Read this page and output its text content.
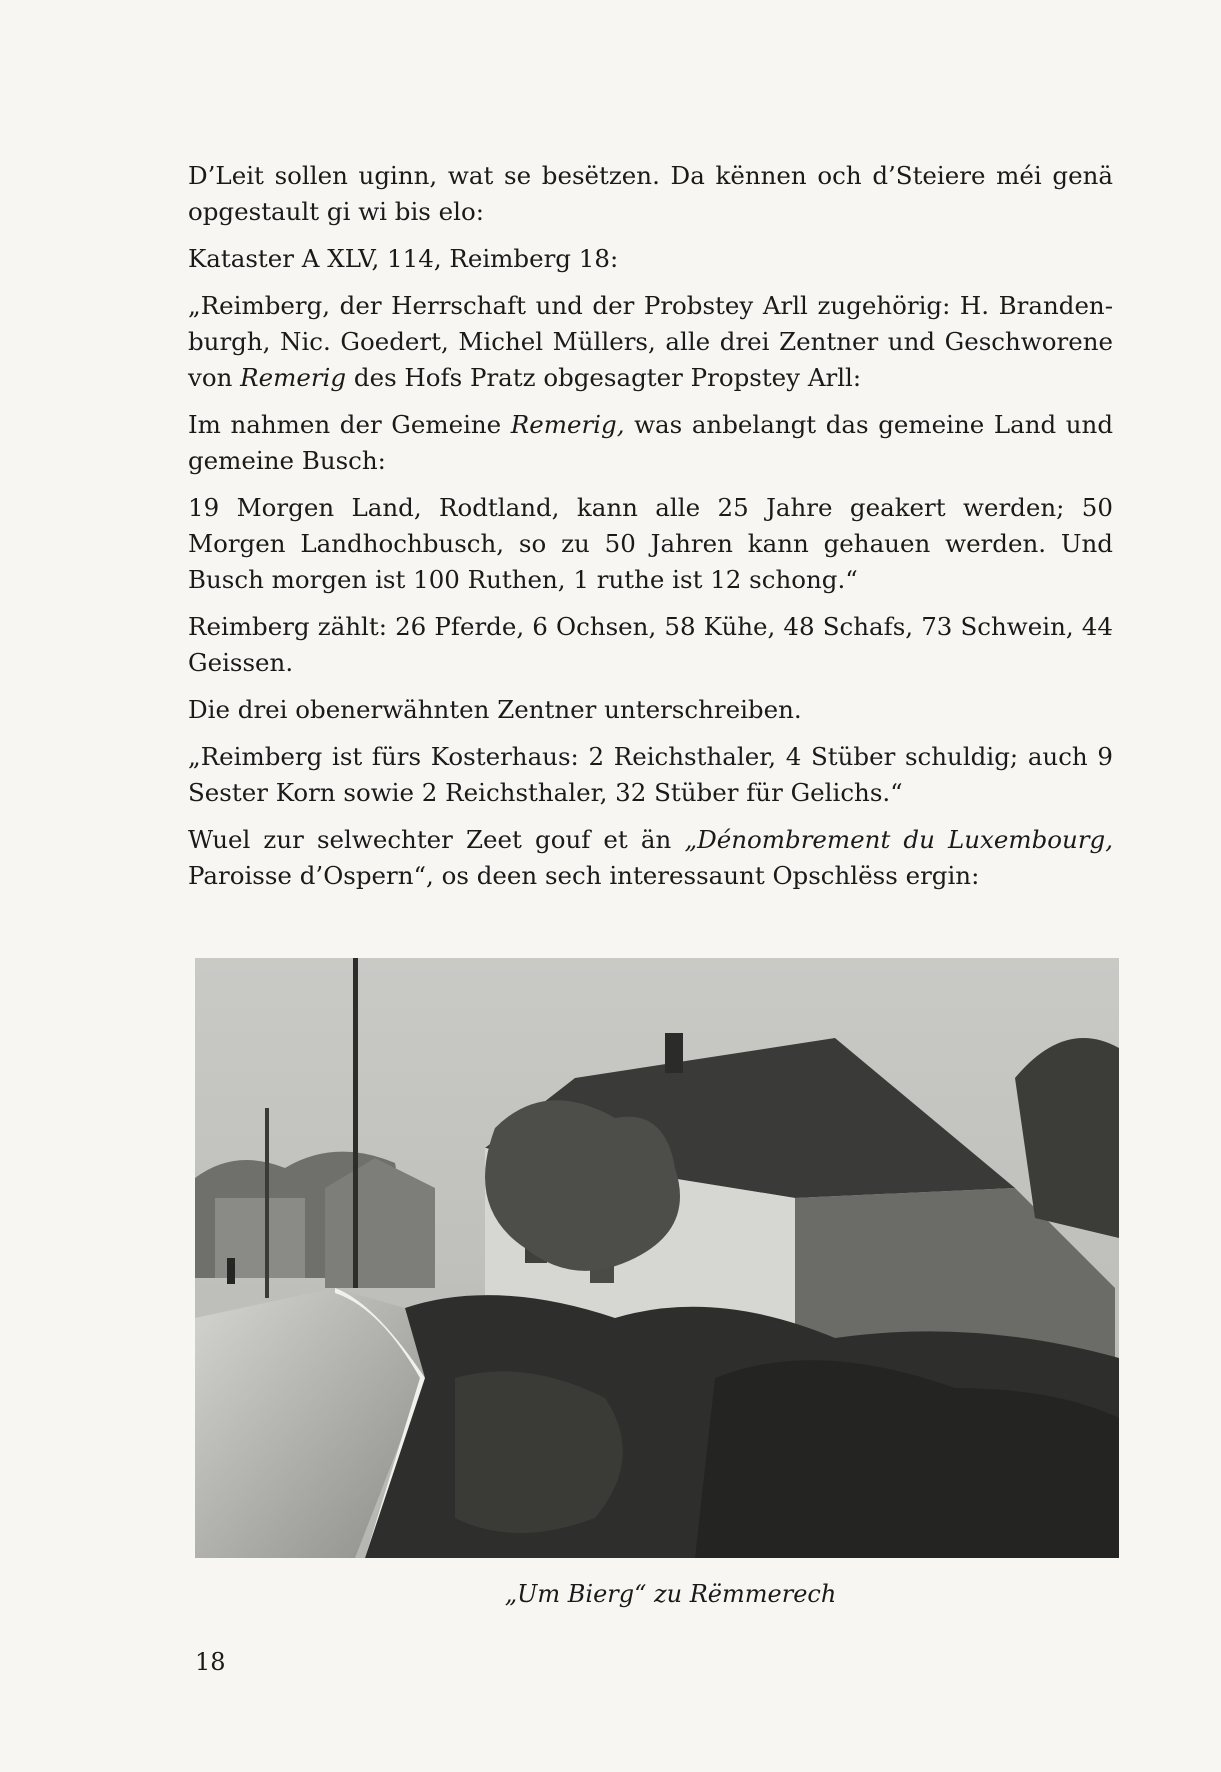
D’Leit sollen uginn, wat se besëtzen. Da kënnen och d’Steiere méi genä opgestault gi wi bis elo:

Kataster A XLV, 114, Reimberg 18:

„Reimberg, der Herrschaft und der Probstey Arll zugehörig: H. Brandenburgh, Nic. Goedert, Michel Müllers, alle drei Zentner und Geschworene von Remerig des Hofs Pratz obgesagter Propstey Arll:

Im nahmen der Gemeine Remerig, was anbelangt das gemeine Land und gemeine Busch:

19 Morgen Land, Rodtland, kann alle 25 Jahre geakert werden; 50 Morgen Landhochbusch, so zu 50 Jahren kann gehauen werden. Und Busch morgen ist 100 Ruthen, 1 ruthe ist 12 schong.“

Reimberg zählt: 26 Pferde, 6 Ochsen, 58 Kühe, 48 Schafs, 73 Schwein, 44 Geissen.

Die drei obenerwähnten Zentner unterschreiben.

„Reimberg ist fürs Kosterhaus: 2 Reichsthaler, 4 Stüber schuldig; auch 9 Sester Korn sowie 2 Reichsthaler, 32 Stüber für Gelichs.“

Wuel zur selwechter Zeet gouf et än „Dénombrement du Luxembourg, Paroisse d’Ospern“, os deen sech interessaunt Opschlëss ergin:

„Um Bierg“ zu Rëmmerech
18
